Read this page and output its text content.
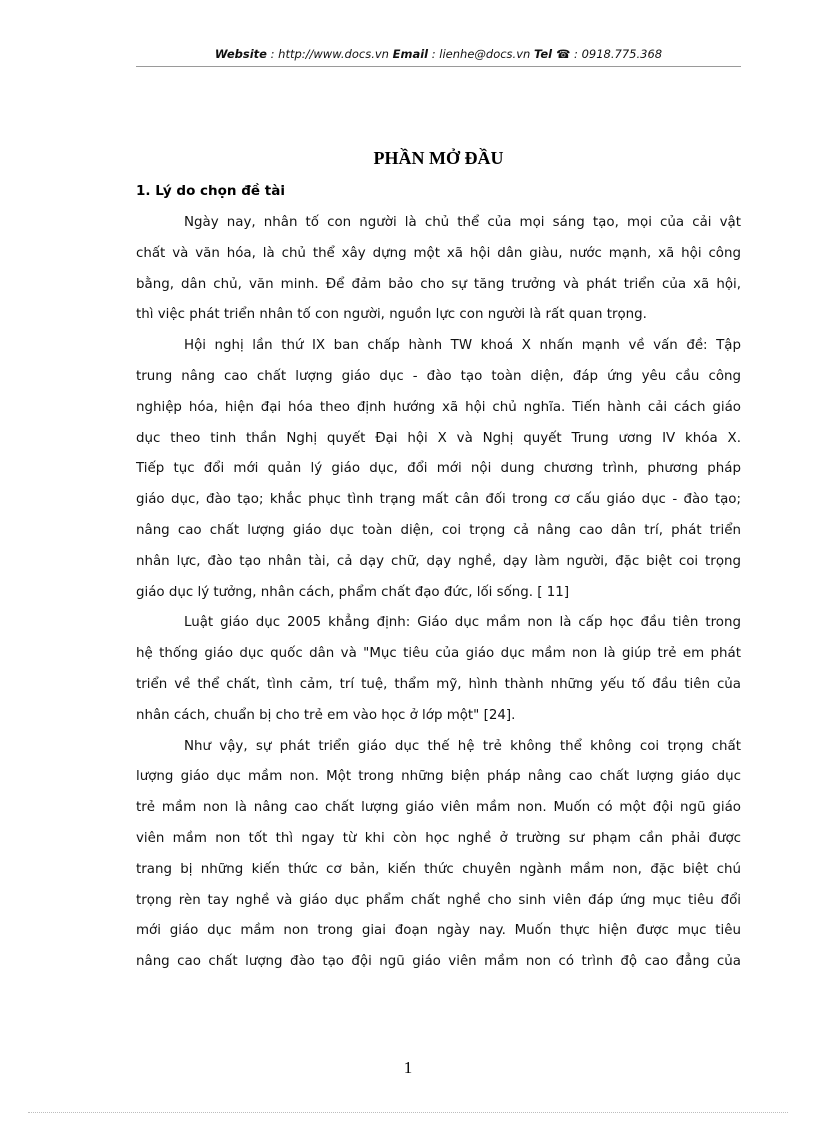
Website : http://www.docs.vn Email : lienhe@docs.vn Tel ☎ : 0918.775.368
PHẦN MỞ ĐẦU
1. Lý do chọn đề tài
Ngày nay, nhân tố con người là chủ thể của mọi sáng tạo, mọi của cải vật
chất và văn hóa, là chủ thể xây dựng một xã hội dân giàu, nước mạnh, xã hội công
bằng, dân chủ, văn minh. Để đảm bảo cho sự tăng trưởng và phát triển của xã hội,
thì việc phát triển nhân tố con người, nguồn lực con người là rất quan trọng.
Hội nghị lần thứ IX ban chấp hành TW khoá X nhấn mạnh về vấn đề: Tập
trung nâng cao chất lượng giáo dục - đào tạo toàn diện, đáp ứng yêu cầu công
nghiệp hóa, hiện đại hóa theo định hướng xã hội chủ nghĩa. Tiến hành cải cách giáo
dục theo tinh thần Nghị quyết Đại hội X và Nghị quyết Trung ương IV khóa X.
Tiếp tục đổi mới quản lý giáo dục, đổi mới nội dung chương trình, phương pháp
giáo dục, đào tạo; khắc phục tình trạng mất cân đối trong cơ cấu giáo dục - đào tạo;
nâng cao chất lượng giáo dục toàn diện, coi trọng cả nâng cao dân trí, phát triển
nhân lực, đào tạo nhân tài, cả dạy chữ, dạy nghề, dạy làm người, đặc biệt coi trọng
giáo dục lý tưởng, nhân cách, phẩm chất đạo đức, lối sống. [ 11]
Luật giáo dục 2005 khẳng định: Giáo dục mầm non là cấp học đầu tiên trong
hệ thống giáo dục quốc dân và "Mục tiêu của giáo dục mầm non là giúp trẻ em phát
triển về thể chất, tình cảm, trí tuệ, thẩm mỹ, hình thành những yếu tố đầu tiên của
nhân cách, chuẩn bị cho trẻ em vào học ở lớp một" [24].
Như vậy, sự phát triển giáo dục thế hệ trẻ không thể không coi trọng chất
lượng giáo dục mầm non. Một trong những biện pháp nâng cao chất lượng giáo dục
trẻ mầm non là nâng cao chất lượng giáo viên mầm non. Muốn có một đội ngũ giáo
viên mầm non tốt thì ngay từ khi còn học nghề ở trường sư phạm cần phải được
trang bị những kiến thức cơ bản, kiến thức chuyên ngành mầm non, đặc biệt chú
trọng rèn tay nghề và giáo dục phẩm chất nghề cho sinh viên đáp ứng mục tiêu đổi
mới giáo dục mầm non trong giai đoạn ngày nay. Muốn thực hiện được mục tiêu
nâng cao chất lượng đào tạo đội ngũ giáo viên mầm non có trình độ cao đẳng của
1
